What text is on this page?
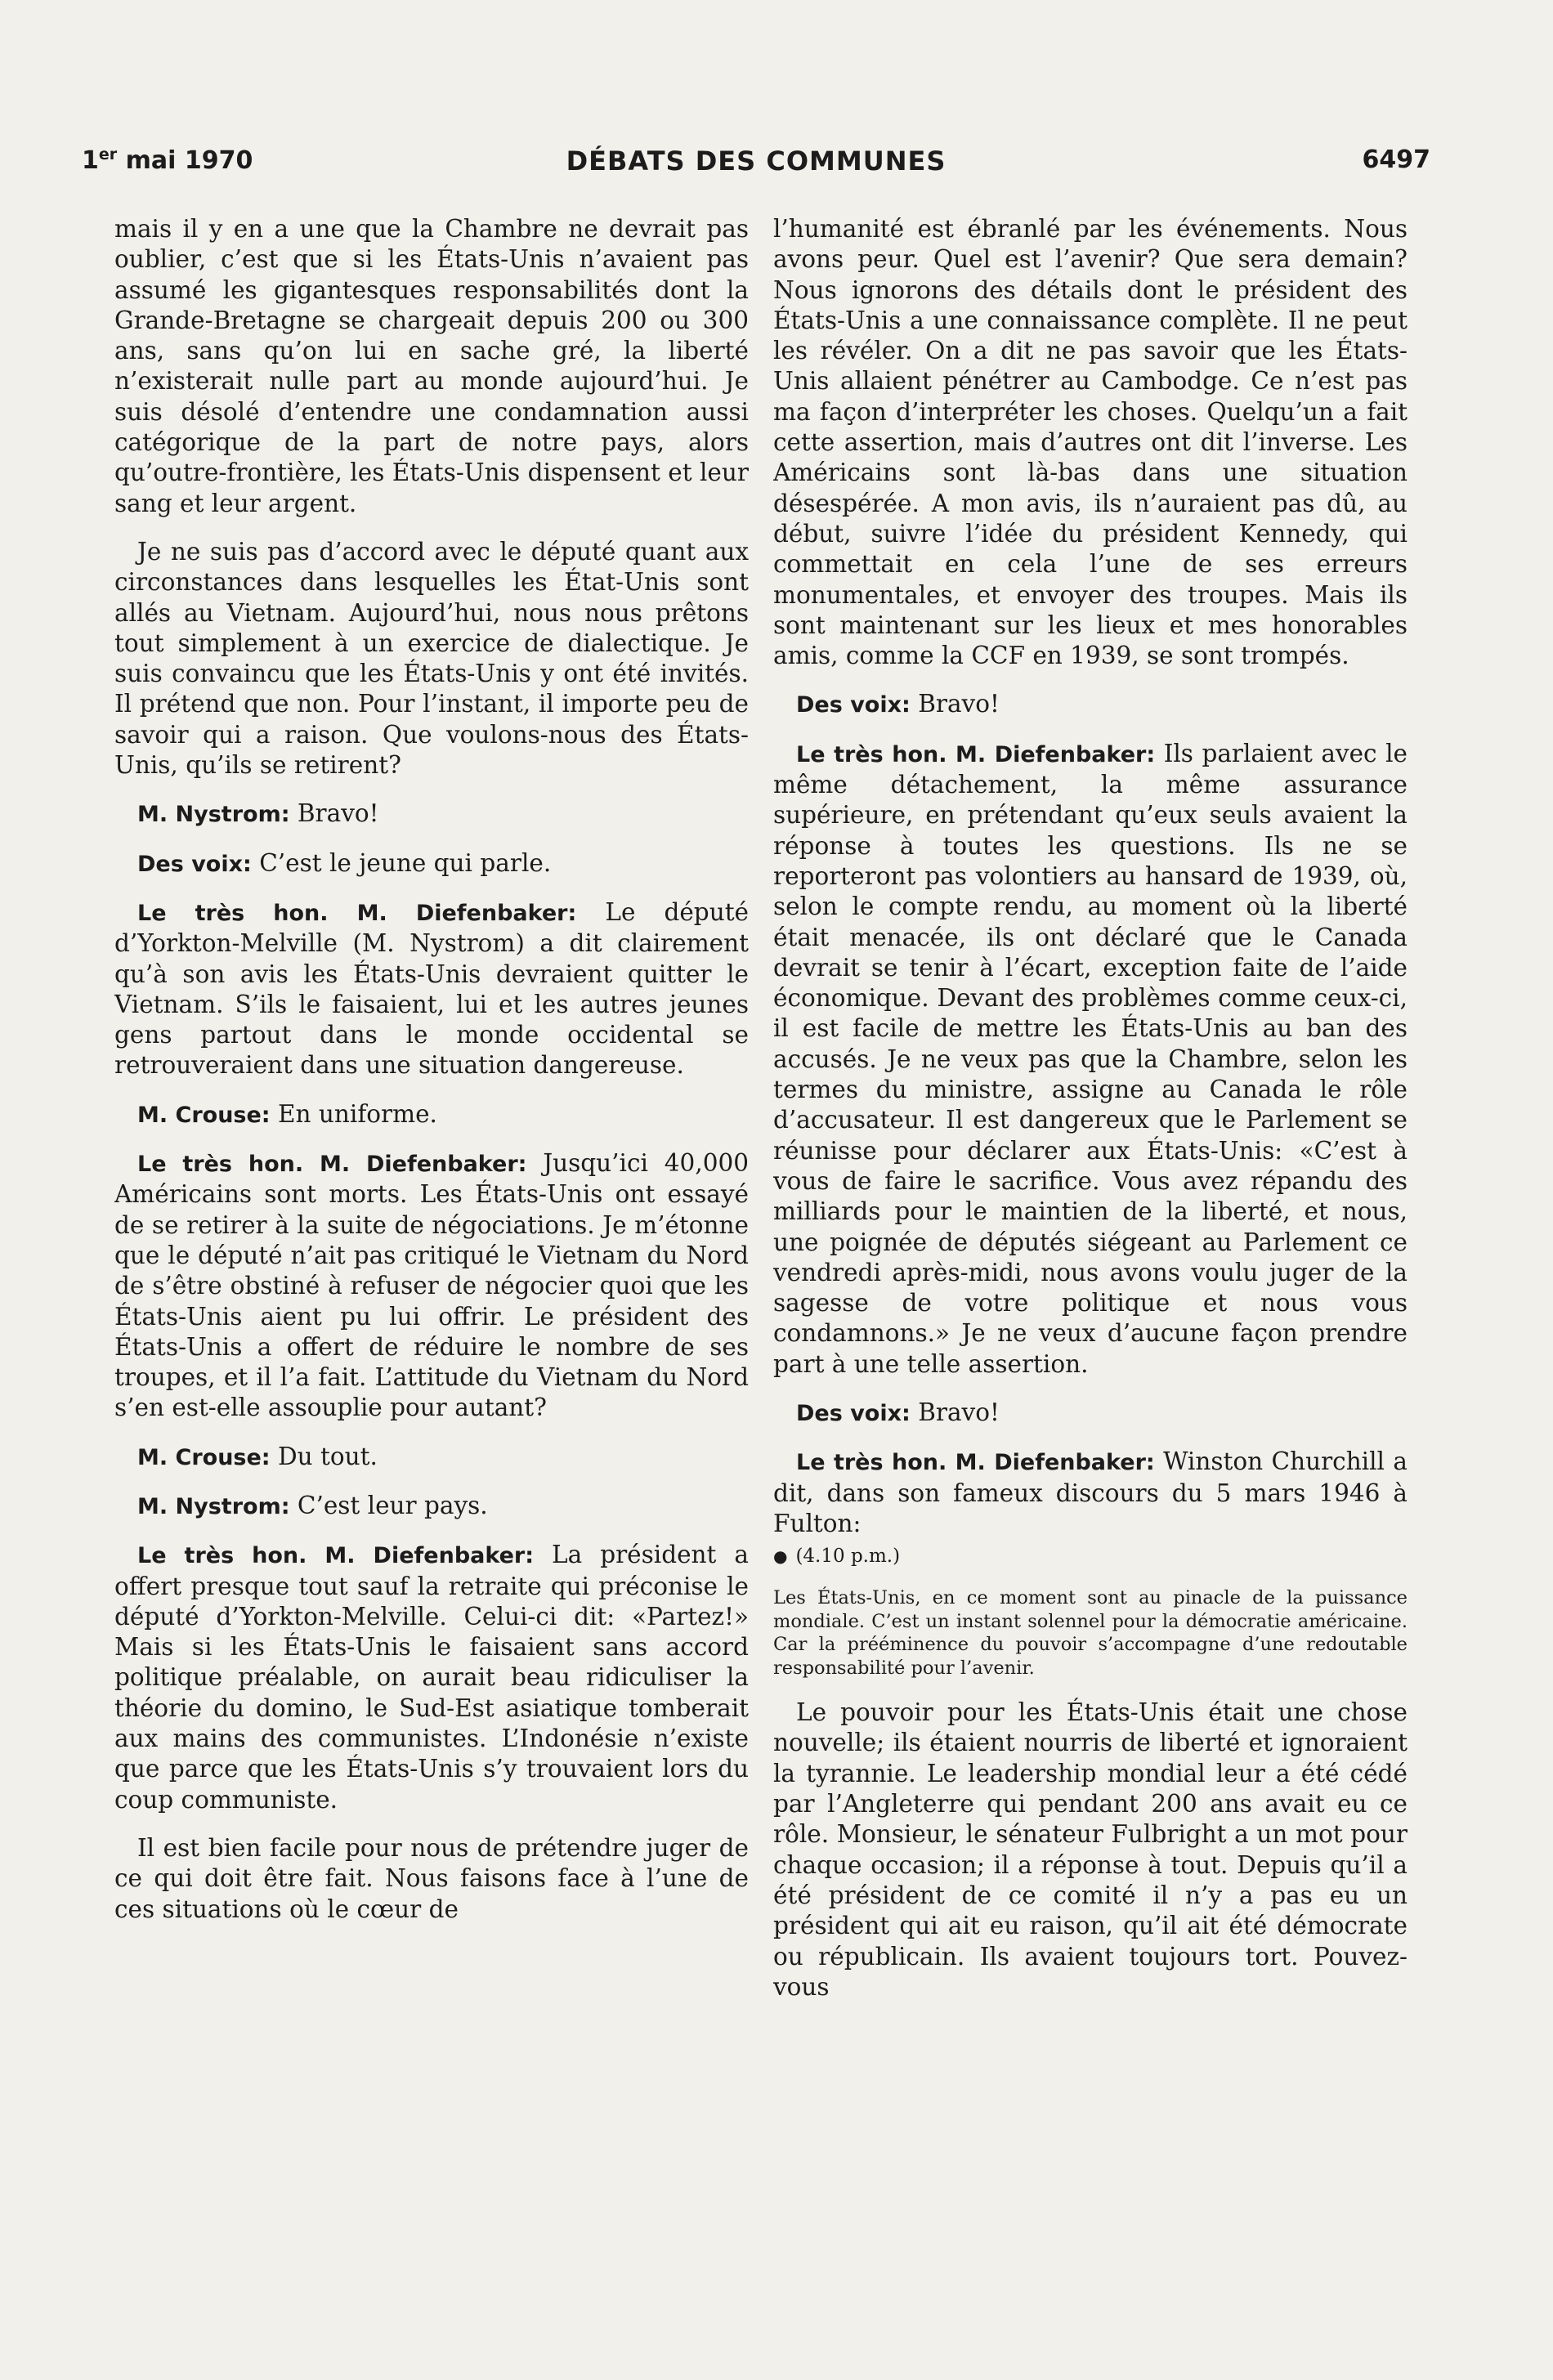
1er mai 1970	DÉBATS DES COMMUNES	6497

mais il y en a une que la Chambre ne devrait pas oublier, c’est que si les États-Unis n’avaient pas assumé les gigantesques responsabilités dont la Grande-Bretagne se chargeait depuis 200 ou 300 ans, sans qu’on lui en sache gré, la liberté n’existerait nulle part au monde aujourd’hui. Je suis désolé d’entendre une condamnation aussi catégorique de la part de notre pays, alors qu’outre-frontière, les États-Unis dispensent et leur sang et leur argent.

Je ne suis pas d’accord avec le député quant aux circonstances dans lesquelles les État-Unis sont allés au Vietnam. Aujourd’hui, nous nous prêtons tout simplement à un exercice de dialectique. Je suis convaincu que les États-Unis y ont été invités. Il prétend que non. Pour l’instant, il importe peu de savoir qui a raison. Que voulons-nous des États-Unis, qu’ils se retirent?

M. Nystrom: Bravo!

Des voix: C’est le jeune qui parle.

Le très hon. M. Diefenbaker: Le député d’Yorkton-Melville (M. Nystrom) a dit clairement qu’à son avis les États-Unis devraient quitter le Vietnam. S’ils le faisaient, lui et les autres jeunes gens partout dans le monde occidental se retrouveraient dans une situation dangereuse.

M. Crouse: En uniforme.

Le très hon. M. Diefenbaker: Jusqu’ici 40,000 Américains sont morts. Les États-Unis ont essayé de se retirer à la suite de négociations. Je m’étonne que le député n’ait pas critiqué le Vietnam du Nord de s’être obstiné à refuser de négocier quoi que les États-Unis aient pu lui offrir. Le président des États-Unis a offert de réduire le nombre de ses troupes, et il l’a fait. L’attitude du Vietnam du Nord s’en est-elle assouplie pour autant?

M. Crouse: Du tout.

M. Nystrom: C’est leur pays.

Le très hon. M. Diefenbaker: La président a offert presque tout sauf la retraite qui préconise le député d’Yorkton-Melville. Celui-ci dit: «Partez!» Mais si les États-Unis le faisaient sans accord politique préalable, on aurait beau ridiculiser la théorie du domino, le Sud-Est asiatique tomberait aux mains des communistes. L’Indonésie n’existe que parce que les États-Unis s’y trouvaient lors du coup communiste.

Il est bien facile pour nous de prétendre juger de ce qui doit être fait. Nous faisons face à l’une de ces situations où le cœur de

l’humanité est ébranlé par les événements. Nous avons peur. Quel est l’avenir? Que sera demain? Nous ignorons des détails dont le président des États-Unis a une connaissance complète. Il ne peut les révéler. On a dit ne pas savoir que les États-Unis allaient pénétrer au Cambodge. Ce n’est pas ma façon d’interpréter les choses. Quelqu’un a fait cette assertion, mais d’autres ont dit l’inverse. Les Américains sont là-bas dans une situation désespérée. A mon avis, ils n’auraient pas dû, au début, suivre l’idée du président Kennedy, qui commettait en cela l’une de ses erreurs monumentales, et envoyer des troupes. Mais ils sont maintenant sur les lieux et mes honorables amis, comme la CCF en 1939, se sont trompés.

Des voix: Bravo!

Le très hon. M. Diefenbaker: Ils parlaient avec le même détachement, la même assurance supérieure, en prétendant qu’eux seuls avaient la réponse à toutes les questions. Ils ne se reporteront pas volontiers au hansard de 1939, où, selon le compte rendu, au moment où la liberté était menacée, ils ont déclaré que le Canada devrait se tenir à l’écart, exception faite de l’aide économique. Devant des problèmes comme ceux-ci, il est facile de mettre les États-Unis au ban des accusés. Je ne veux pas que la Chambre, selon les termes du ministre, assigne au Canada le rôle d’accusateur. Il est dangereux que le Parlement se réunisse pour déclarer aux États-Unis: «C’est à vous de faire le sacrifice. Vous avez répandu des milliards pour le maintien de la liberté, et nous, une poignée de députés siégeant au Parlement ce vendredi après-midi, nous avons voulu juger de la sagesse de votre politique et nous vous condamnons.» Je ne veux d’aucune façon prendre part à une telle assertion.

Des voix: Bravo!

Le très hon. M. Diefenbaker: Winston Churchill a dit, dans son fameux discours du 5 mars 1946 à Fulton:

● (4.10 p.m.)

Les États-Unis, en ce moment sont au pinacle de la puissance mondiale. C’est un instant solennel pour la démocratie américaine. Car la prééminence du pouvoir s’accompagne d’une redoutable responsabilité pour l’avenir.

Le pouvoir pour les États-Unis était une chose nouvelle; ils étaient nourris de liberté et ignoraient la tyrannie. Le leadership mondial leur a été cédé par l’Angleterre qui pendant 200 ans avait eu ce rôle. Monsieur, le sénateur Fulbright a un mot pour chaque occasion; il a réponse à tout. Depuis qu’il a été président de ce comité il n’y a pas eu un président qui ait eu raison, qu’il ait été démocrate ou républicain. Ils avaient toujours tort. Pouvez-vous
